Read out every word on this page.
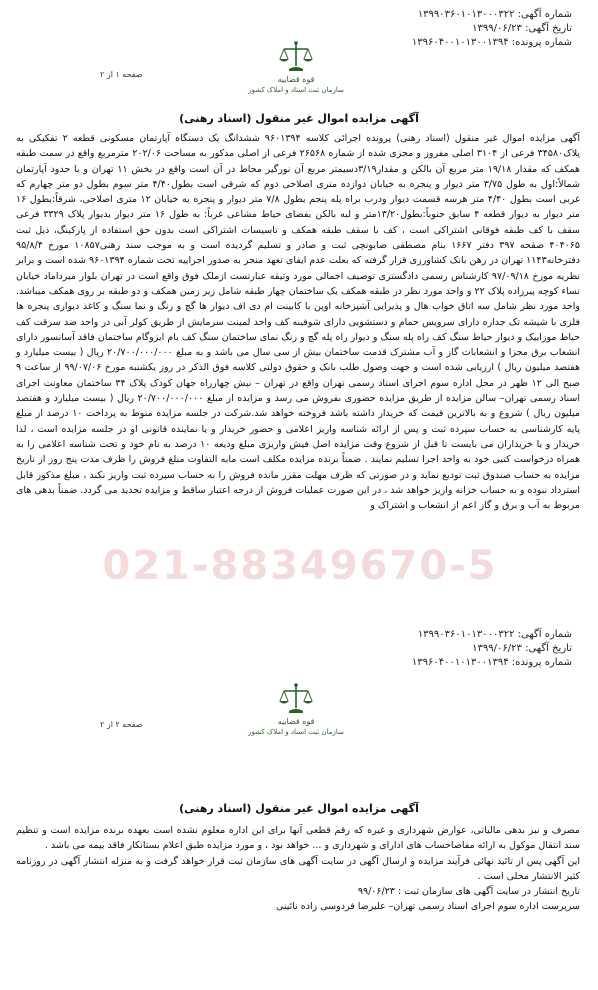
شماره آگهی: ۱۳۹۹۰۳۶۰۱۰۱۳۰۰۰۳۲۲
تاریخ آگهی: ۱۳۹۹/۰۶/۲۳
شماره پرونده: ۱۳۹۶۰۴۰۰۱۰۱۳۰۰۱۳۹۴
قوه قضاییه
سازمان ثبت اسناد و املاک کشور
صفحه ۱ از ۲
آگهی مزایده اموال غیر منقول (اسناد رهنی)

آگهی مزایده اموال غیر منقول (اسناد رهنی) پرونده اجرائی کلاسه ۹۶۰۱۳۹۴ ششدانگ یک دستگاه آپارتمان مسکونی قطعه ۲ تفکیکی به پلاک۳۴۵۸۰ فرعی از ۳۱۰۴ اصلی مفروز و مجزی شده از شماره ۲۶۵۶۸ فرعی از اصلی مذکور به مساحت ۲۰۲/۰۶ مترمربع واقع در سمت طبقه همکف که مقدار ۱۹/۱۸ متر مربع آن بالکن و مقدار۳/۱۹دسیمتر مربع آن نورگیر محاط در آن است واقع در بخش ۱۱ تهران و با حدود آپارتمان شمالاً:اول به طول ۳/۷۵ متر دیوار و پنجره به خیابان دوازده متری اصلاحی دوم که شرقی است بطول۴/۴۰ متر سوم بطول دو متر چهارم که غربی است بطول ۴/۴۰ متر هرسه قسمت دیوار ودرب براه پله پنجم بطول ۷/۸ متر دیوار و پنجره به خیابان ۱۲ متری اصلاحی، شرقاً:بطول ۱۶ متر دیوار به دیوار قطعه ۴ سابق جنوباً:بطول۱۳/۲۰متر و لبه بالکن بفضای حیاط مشاعی غرباً: به طول ۱۶ متر دیوار بدیوار پلاک ۳۳۲۹ فرعی سقف با کف طبقه فوقانی اشتراکی است ، کف با سقف طبقه همکف و تاسیسات اشتراکی است بدون حق استفاده از پارکینگ، ذیل ثبت ۴۰۴۰۶۵ صفحه ۳۹۷ دفتر ۱۶۶۷ بنام مصطفی صابونچی ثبت و صادر و تسلیم گردیده است و به موجب سند رهنی۱۰۸۵۷ مورخ ۹۵/۸/۴ دفترخانه۱۱۴۳ تهران در رهن بانک کشاورزی قرار گرفته که بعلت عدم ایفای تعهد منجر به صدور اجراییه تحت شماره ۹۶۰۱۳۹۴ شده است و برابر نظریه مورخ ۹۷/۰۹/۱۸ کارشناس رسمی دادگستری توصیف اجمالی مورد وثیقه عبارتست ازملک فوق واقع است در تهران بلوار میرداماد خیابان نساء کوچه پیرزاده پلاک ۲۲ و واحد مورد نظر در طبقه همکف یک ساختمان چهار طبقه شامل زیر زمین همکف و دو طبقه بر روی همکف میباشد. واحد مورد نظر شامل سه اتاق خواب هال و پذیرایی آشپزخانه اوپن با کابینت ام دی اف دیوار ها گچ و رنگ و نما سنگ و کاغذ دیواری پنجره ها فلزی با شیشه تک جداره دارای سرویس حمام و دستشویی دارای شوفینه کف واحد لمینت سرمایش از طریق کولر آبی در واحد ضد سرقت کف حیاط موزاییک و دیوار حیاط سنگ کف راه پله سنگ و دیوار راه پله گچ و رنگ نمای ساختمان سنگ کف بام ایزوگام ساختمان فاقد آسانسور دارای انشعاب برق مجزا و انشعابات گاز و آب مشترک قدمت ساختمان بیش از سی سال می باشد و به مبلغ ۲۰/۷۰۰/۰۰۰/۰۰۰ ریال ( بیست میلیارد و هفتصد میلیون ریال ) ارزیابی شده است و جهت وصول طلب بانک و حقوق دولتی کلاسه فوق الذکر در روز یکشنبه مورخ ۹۹/۰۷/۰۶ از ساعت ۹ صبح الی ۱۲ ظهر در محل اداره سوم اجرای اسناد رسمی تهران واقع در تهران – نبش چهارراه جهان کودک پلاک ۳۴ ساختمان معاونت اجرای اسناد رسمی تهران– سالن مزایده از طریق مزایده حضوری بفروش می رسد و مزایده از مبلغ ۲۰/۷۰۰/۰۰۰/۰۰۰ ریال ( بیست میلیارد و هفتصد میلیون ریال ) شروع و به بالاترین قیمت که خریدار داشته باشد فروخته خواهد شد.شرکت در جلسه مزایده منوط به پرداخت ۱۰ درصد از مبلغ پایه کارشناسی به حساب سپرده ثبت و پس از ارائه شناسه واریز اعلامی و حضور خریدار و یا نماینده قانونی او در جلسه مزایده است ، لذا خریدار و یا خریداران می بایست تا قبل از شروع وقت مزایده اصل فیش واریزی مبلغ ودیعه ۱۰ درصد به نام خود و تحت شناسه اعلامی را به همراه درخواست کتبی خود به واحد اجرا تسلیم نمایند . ضمناً برنده مزایده مکلف است مابه التفاوت مبلغ فروش را ظرف مدت پنج روز از تاریخ مزایده به حساب صندوق ثبت تودیع نماید و در صورتی که ظرف مهلت مقرر مانده فروش را به حساب سپرده ثبت واریز نکند ، مبلغ مذکور قابل استرداد نبوده و به حساب خزانه واریز خواهد شد ، در این صورت عملیات فروش از درجه اعتبار ساقط و مزایده تجدید می گردد. ضمناً بدهی های مربوط به آب و برق و گاز اعم از انشعاب و اشتراک و

021-88349670-5
شماره آگهی: ۱۳۹۹۰۳۶۰۱۰۱۳۰۰۰۳۲۲
تاریخ آگهی: ۱۳۹۹/۰۶/۲۳
شماره پرونده: ۱۳۹۶۰۴۰۰۱۰۱۳۰۰۱۳۹۴
قوه قضاییه
سازمان ثبت اسناد و املاک کشور
صفحه ۲ از ۲
آگهی مزایده اموال غیر منقول (اسناد رهنی)

مصرف و نیز بدهی مالیاتی، عوارض شهرداری و غیره که رقم قطعی آنها برای این اداره معلوم نشده است بعهده برنده مزایده است و تنظیم سند انتقال موکول به ارائه مفاصاحساب های ادارای و شهرداری و ... خواهد بود ، و مورد مزایده طبق اعلام بستانکار فاقد بیمه می باشد .

این آگهی پس از تائید نهائی فرآیند مزایده و ارسال آگهی در سایت آگهی های سازمان ثبت قرار خواهد گرفت و به منزله انتشار آگهی در روزنامه کثیر الانتشار محلی است .

تاریخ انتشار در سایت آگهی های سازمان ثبت : ۹۹/۰۶/۲۳

سرپرست اداره سوم اجرای اسناد رسمی تهران– علیرضا فردوسی زاده نائینی
